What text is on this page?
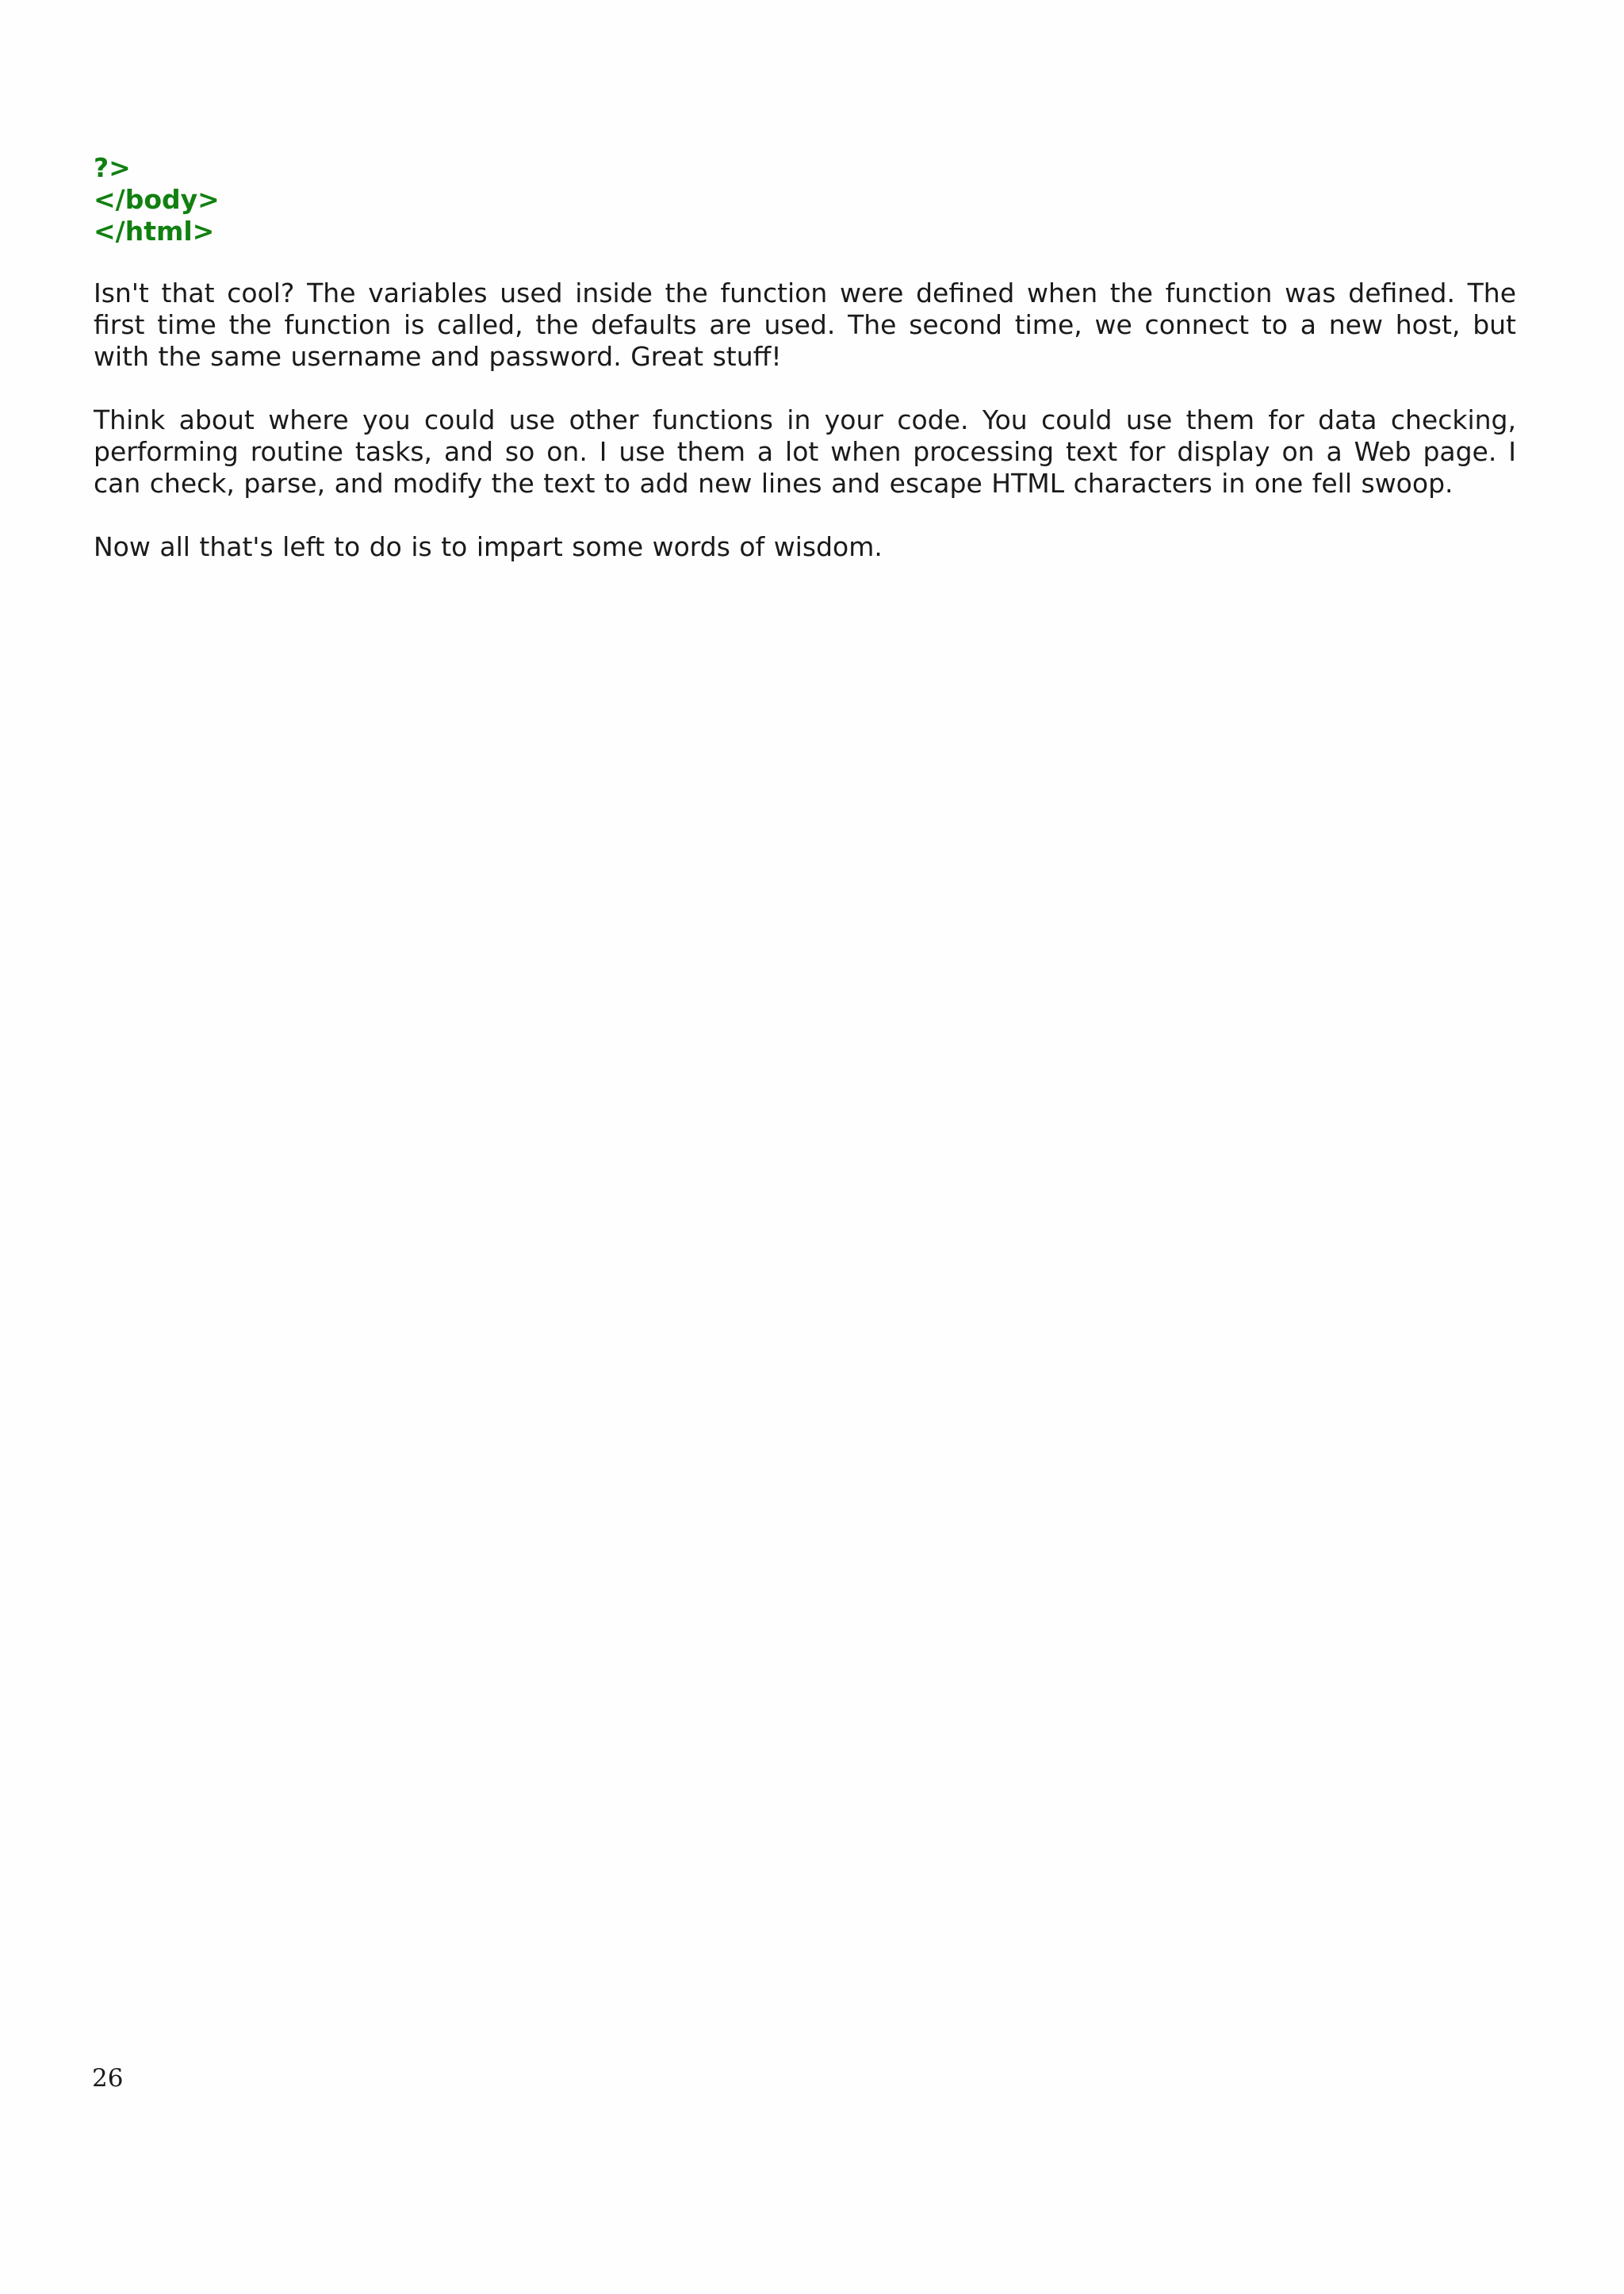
?>
</body>
</html>

Isn't that cool? The variables used inside the function were defined when the function was defined. The first time the function is called, the defaults are used. The second time, we connect to a new host, but with the same username and password. Great stuff!

Think about where you could use other functions in your code. You could use them for data checking, performing routine tasks, and so on. I use them a lot when processing text for display on a Web page. I can check, parse, and modify the text to add new lines and escape HTML characters in one fell swoop.

Now all that's left to do is to impart some words of wisdom.

26
